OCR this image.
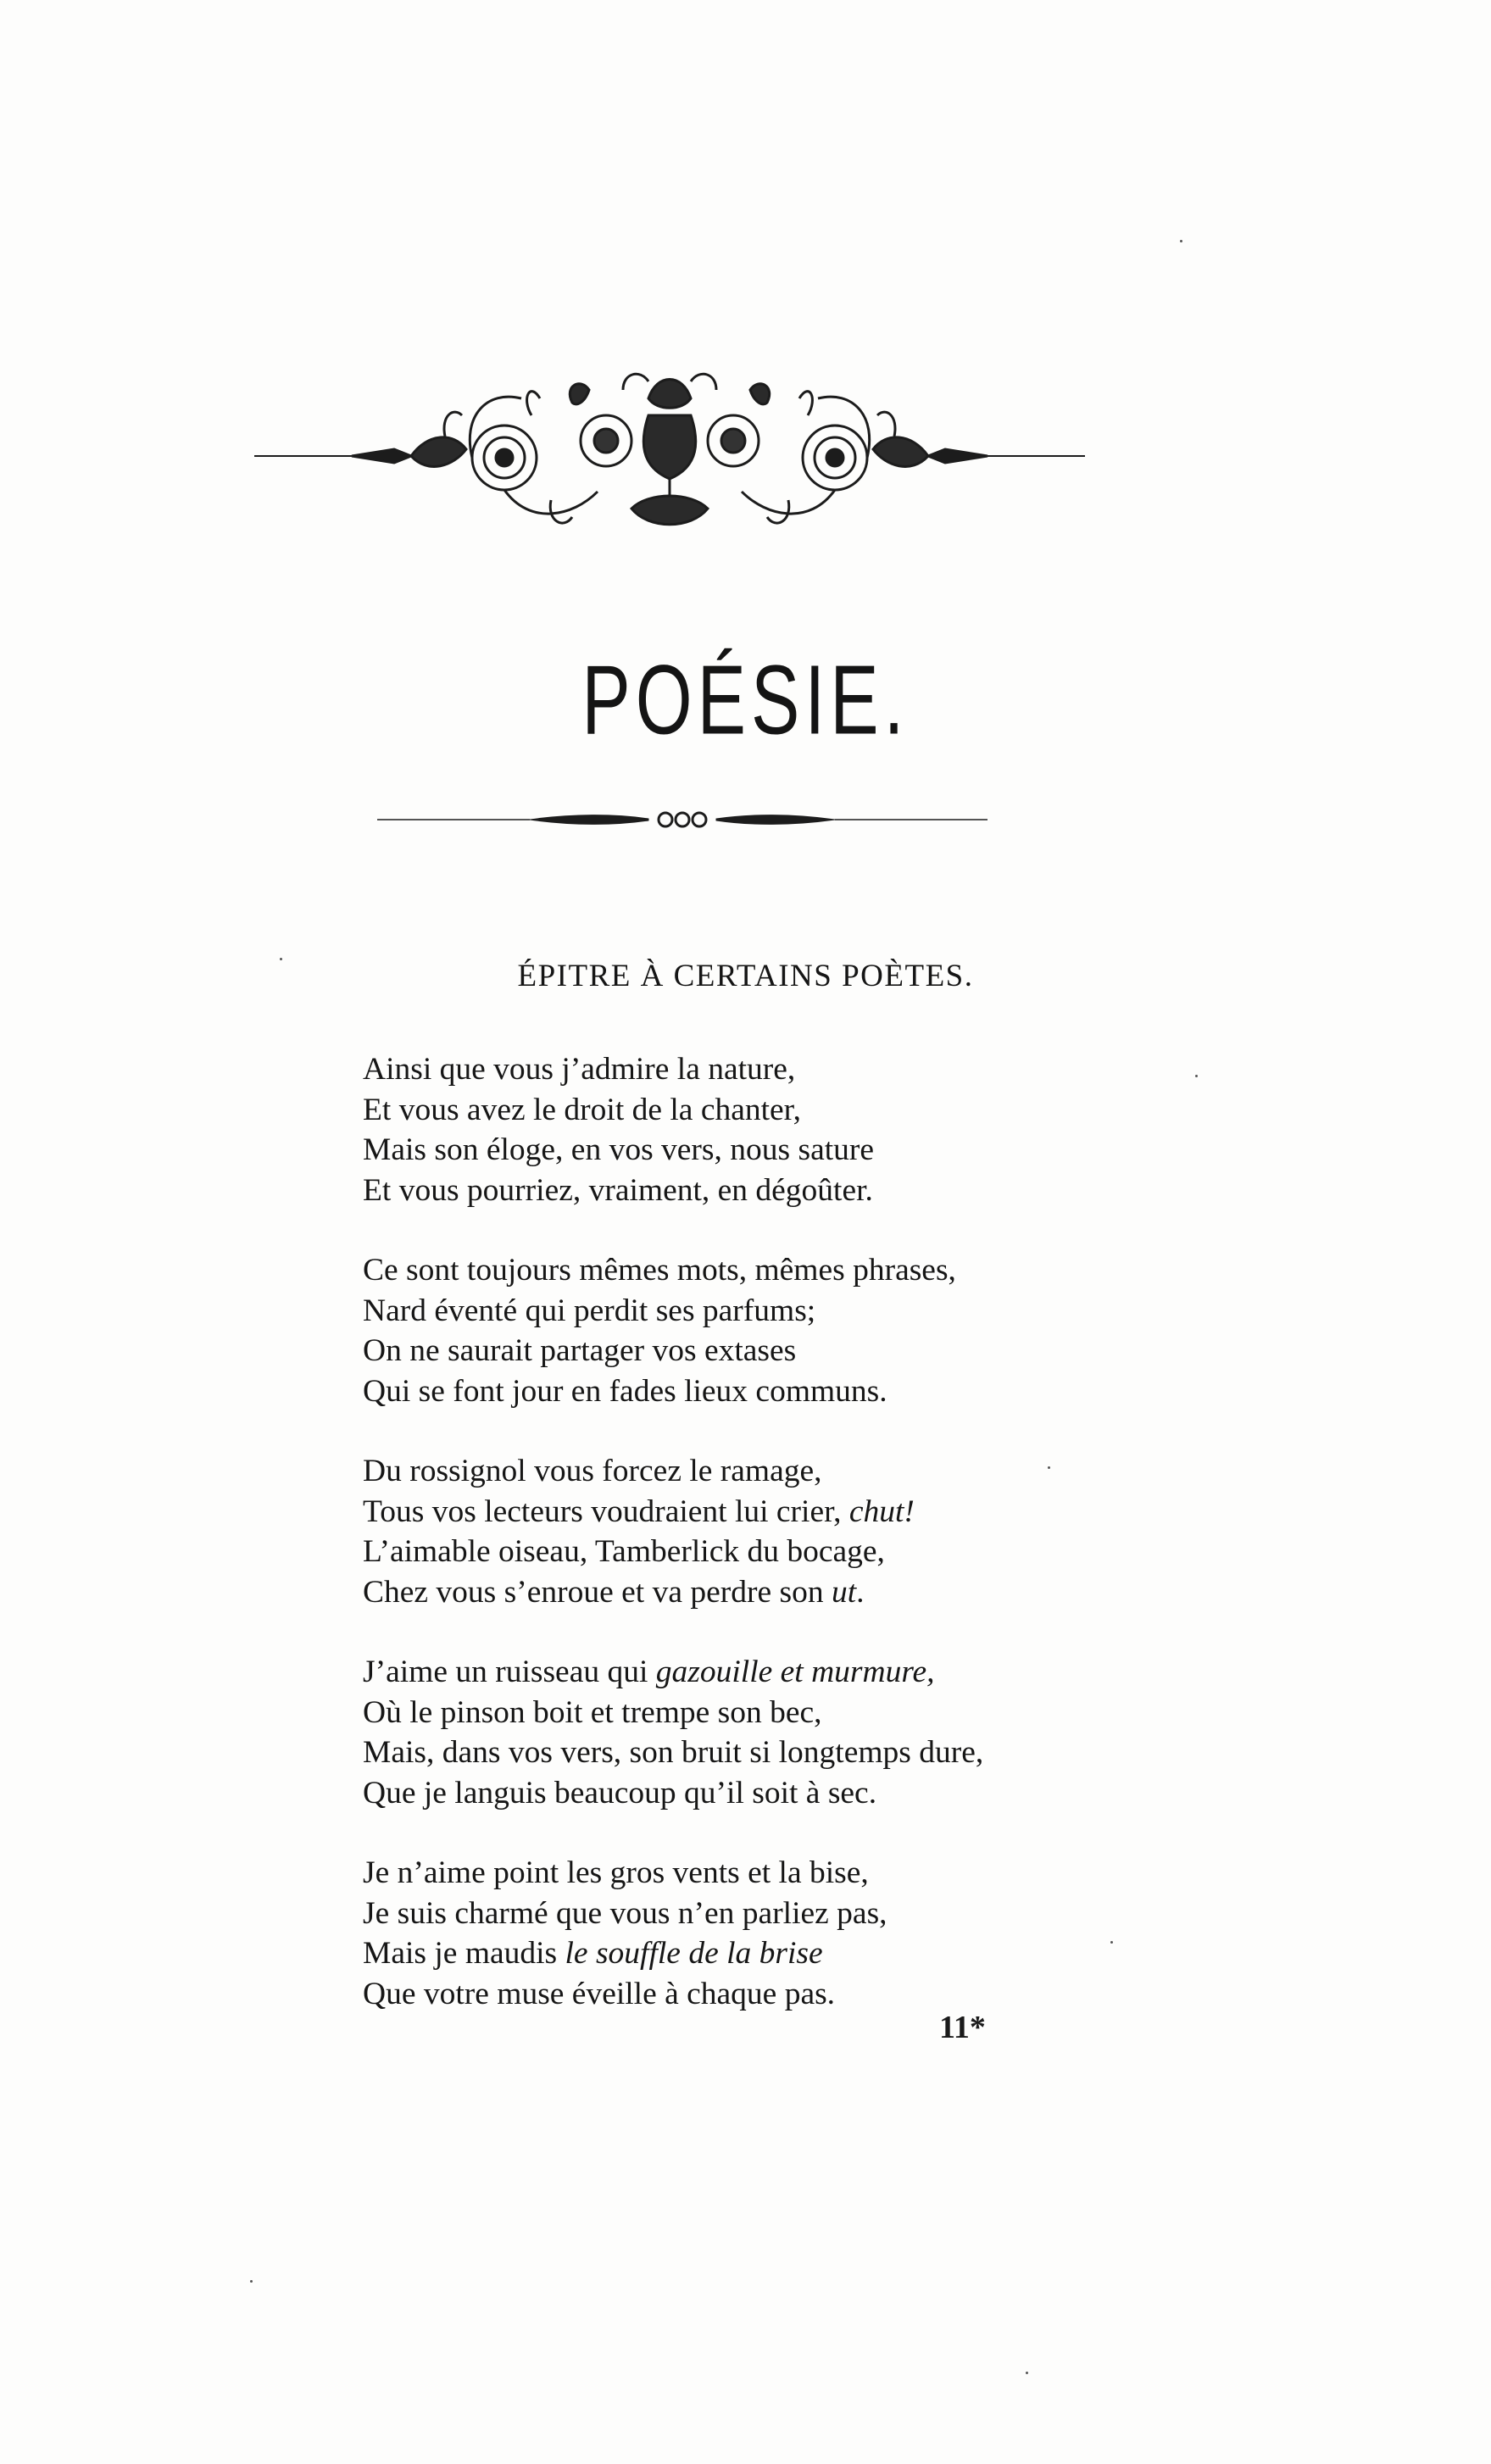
POÉSIE.
ÉPITRE À CERTAINS POÈTES.
Ainsi que vous j’admire la nature,
Et vous avez le droit de la chanter,
Mais son éloge, en vos vers, nous sature
Et vous pourriez, vraiment, en dégoûter.
Ce sont toujours mêmes mots, mêmes phrases,
Nard éventé qui perdit ses parfums;
On ne saurait partager vos extases
Qui se font jour en fades lieux communs.
Du rossignol vous forcez le ramage,
Tous vos lecteurs voudraient lui crier, chut!
L’aimable oiseau, Tamberlick du bocage,
Chez vous s’enroue et va perdre son ut.
J’aime un ruisseau qui gazouille et murmure,
Où le pinson boit et trempe son bec,
Mais, dans vos vers, son bruit si longtemps dure,
Que je languis beaucoup qu’il soit à sec.
Je n’aime point les gros vents et la bise,
Je suis charmé que vous n’en parliez pas,
Mais je maudis le souffle de la brise
Que votre muse éveille à chaque pas.
11*
